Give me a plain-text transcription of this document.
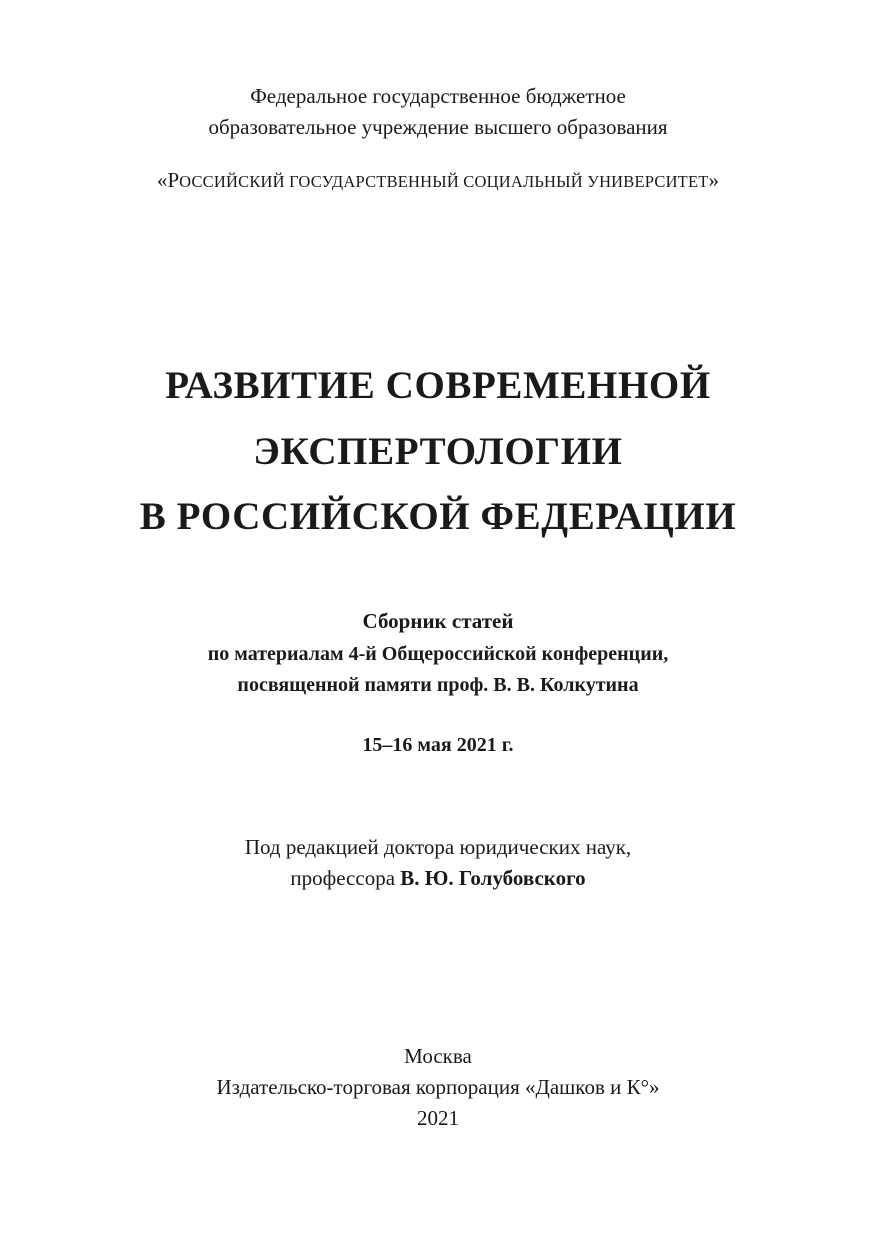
Федеральное государственное бюджетное
образовательное учреждение высшего образования
«РОССИЙСКИЙ ГОСУДАРСТВЕННЫЙ СОЦИАЛЬНЫЙ УНИВЕРСИТЕТ»
РАЗВИТИЕ СОВРЕМЕННОЙ
ЭКСПЕРТОЛОГИИ
В РОССИЙСКОЙ ФЕДЕРАЦИИ
Сборник статей
по материалам 4-й Общероссийской конференции,
посвященной памяти проф. В. В. Колкутина
15–16 мая 2021 г.
Под редакцией доктора юридических наук,
профессора В. Ю. Голубовского
Москва
Издательско-торговая корпорация «Дашков и К°»
2021
